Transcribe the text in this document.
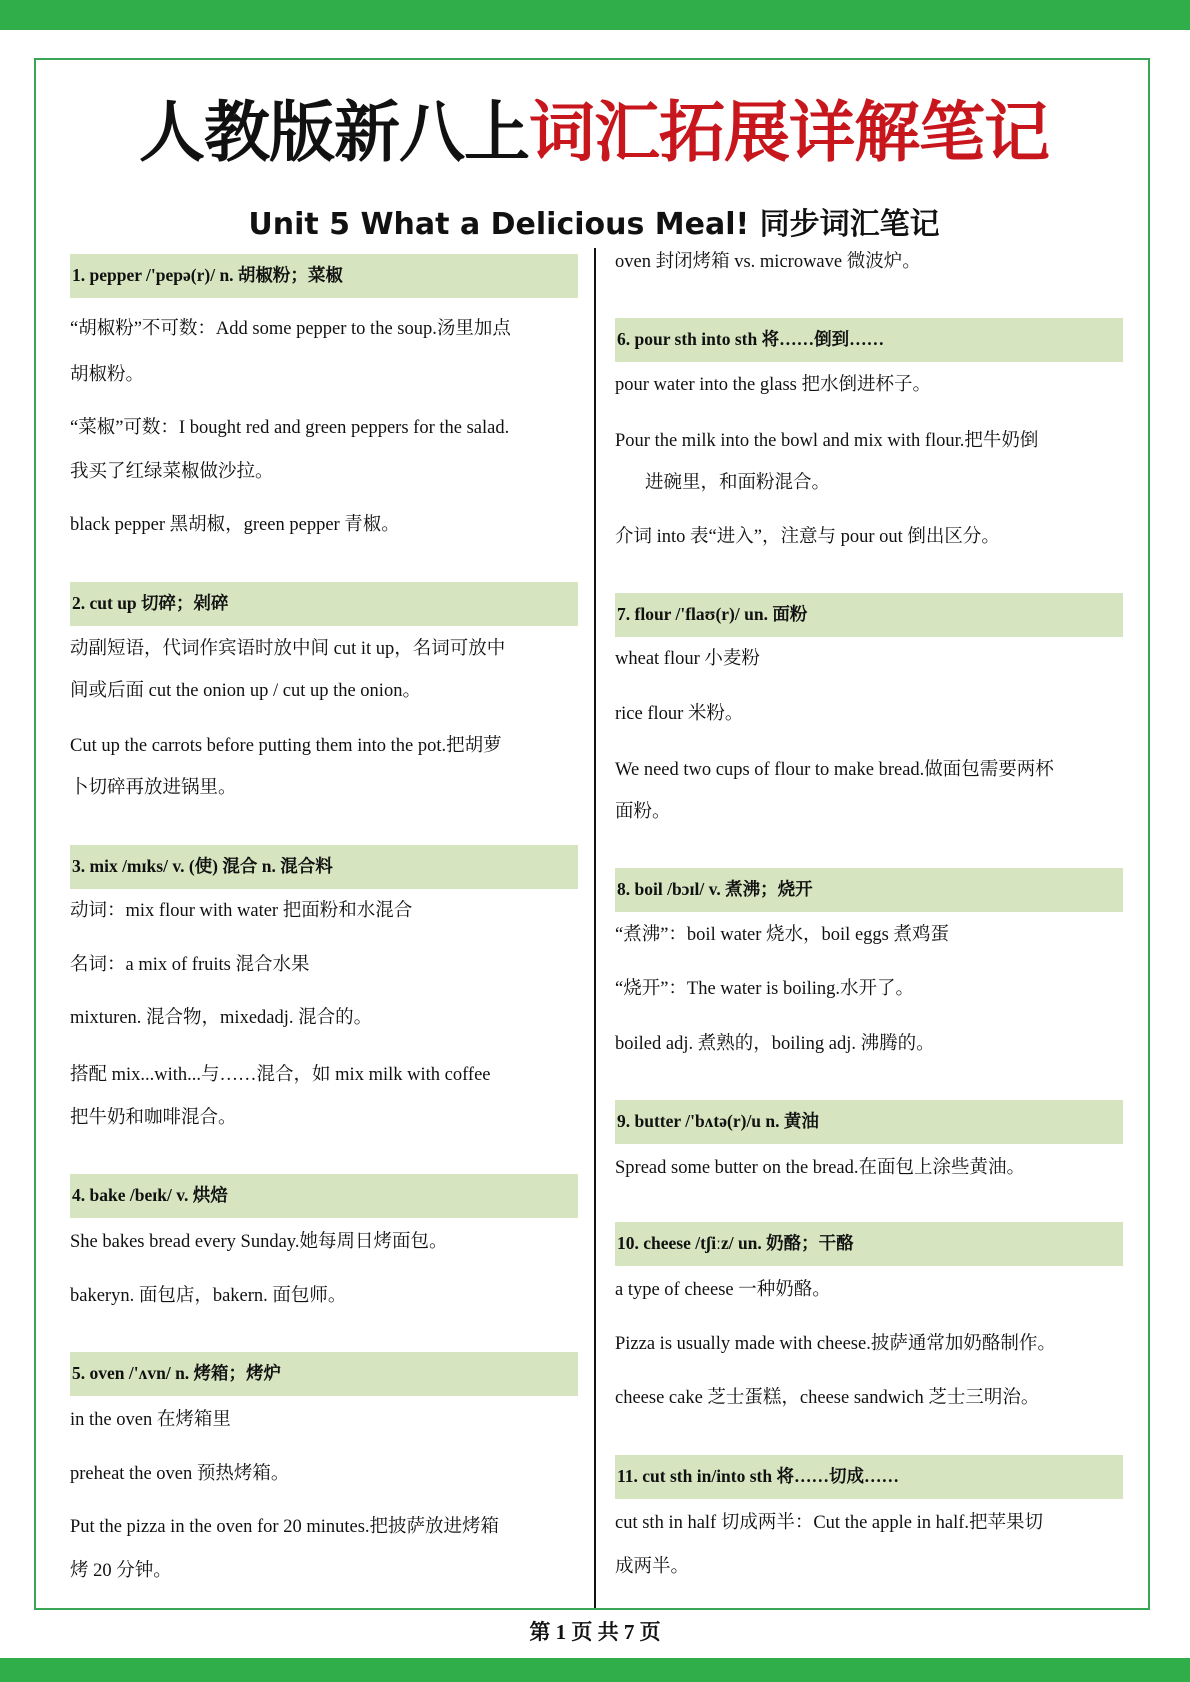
人教版新八上词汇拓展详解笔记
Unit 5 What a Delicious Meal! 同步词汇笔记
1. pepper /'pepə(r)/ n. 胡椒粉；菜椒
“胡椒粉”不可数：Add some pepper to the soup.汤里加点
胡椒粉。
“菜椒”可数：I bought red and green peppers for the salad.
我买了红绿菜椒做沙拉。
black pepper 黑胡椒，green pepper 青椒。
2. cut up 切碎；剁碎
动副短语，代词作宾语时放中间 cut it up，名词可放中
间或后面 cut the onion up / cut up the onion。
Cut up the carrots before putting them into the pot.把胡萝
卜切碎再放进锅里。
3. mix /mɪks/ v. (使) 混合 n. 混合料
动词：mix flour with water 把面粉和水混合
名词：a mix of fruits 混合水果
mixturen. 混合物，mixedadj. 混合的。
搭配 mix...with...与……混合，如 mix milk with coffee
把牛奶和咖啡混合。
4. bake /beɪk/ v. 烘焙
She bakes bread every Sunday.她每周日烤面包。
bakeryn. 面包店，bakern. 面包师。
5. oven /'ʌvn/ n. 烤箱；烤炉
in the oven 在烤箱里
preheat the oven 预热烤箱。
Put the pizza in the oven for 20 minutes.把披萨放进烤箱
烤 20 分钟。
oven 封闭烤箱 vs. microwave 微波炉。
6. pour sth into sth 将……倒到……
pour water into the glass 把水倒进杯子。
Pour the milk into the bowl and mix with flour.把牛奶倒
进碗里，和面粉混合。
介词 into 表“进入”，注意与 pour out 倒出区分。
7. flour /'flaʊ(r)/ un. 面粉
wheat flour 小麦粉
rice flour 米粉。
We need two cups of flour to make bread.做面包需要两杯
面粉。
8. boil /bɔɪl/ v. 煮沸；烧开
“煮沸”：boil water 烧水，boil eggs 煮鸡蛋
“烧开”：The water is boiling.水开了。
boiled adj. 煮熟的，boiling adj. 沸腾的。
9. butter /'bʌtə(r)/u n. 黄油
Spread some butter on the bread.在面包上涂些黄油。
10. cheese /tʃiːz/ un. 奶酪；干酪
a type of cheese 一种奶酪。
Pizza is usually made with cheese.披萨通常加奶酪制作。
cheese cake 芝士蛋糕，cheese sandwich 芝士三明治。
11. cut sth in/into sth 将……切成……
cut sth in half 切成两半：Cut the apple in half.把苹果切
成两半。
第 1 页 共 7 页
